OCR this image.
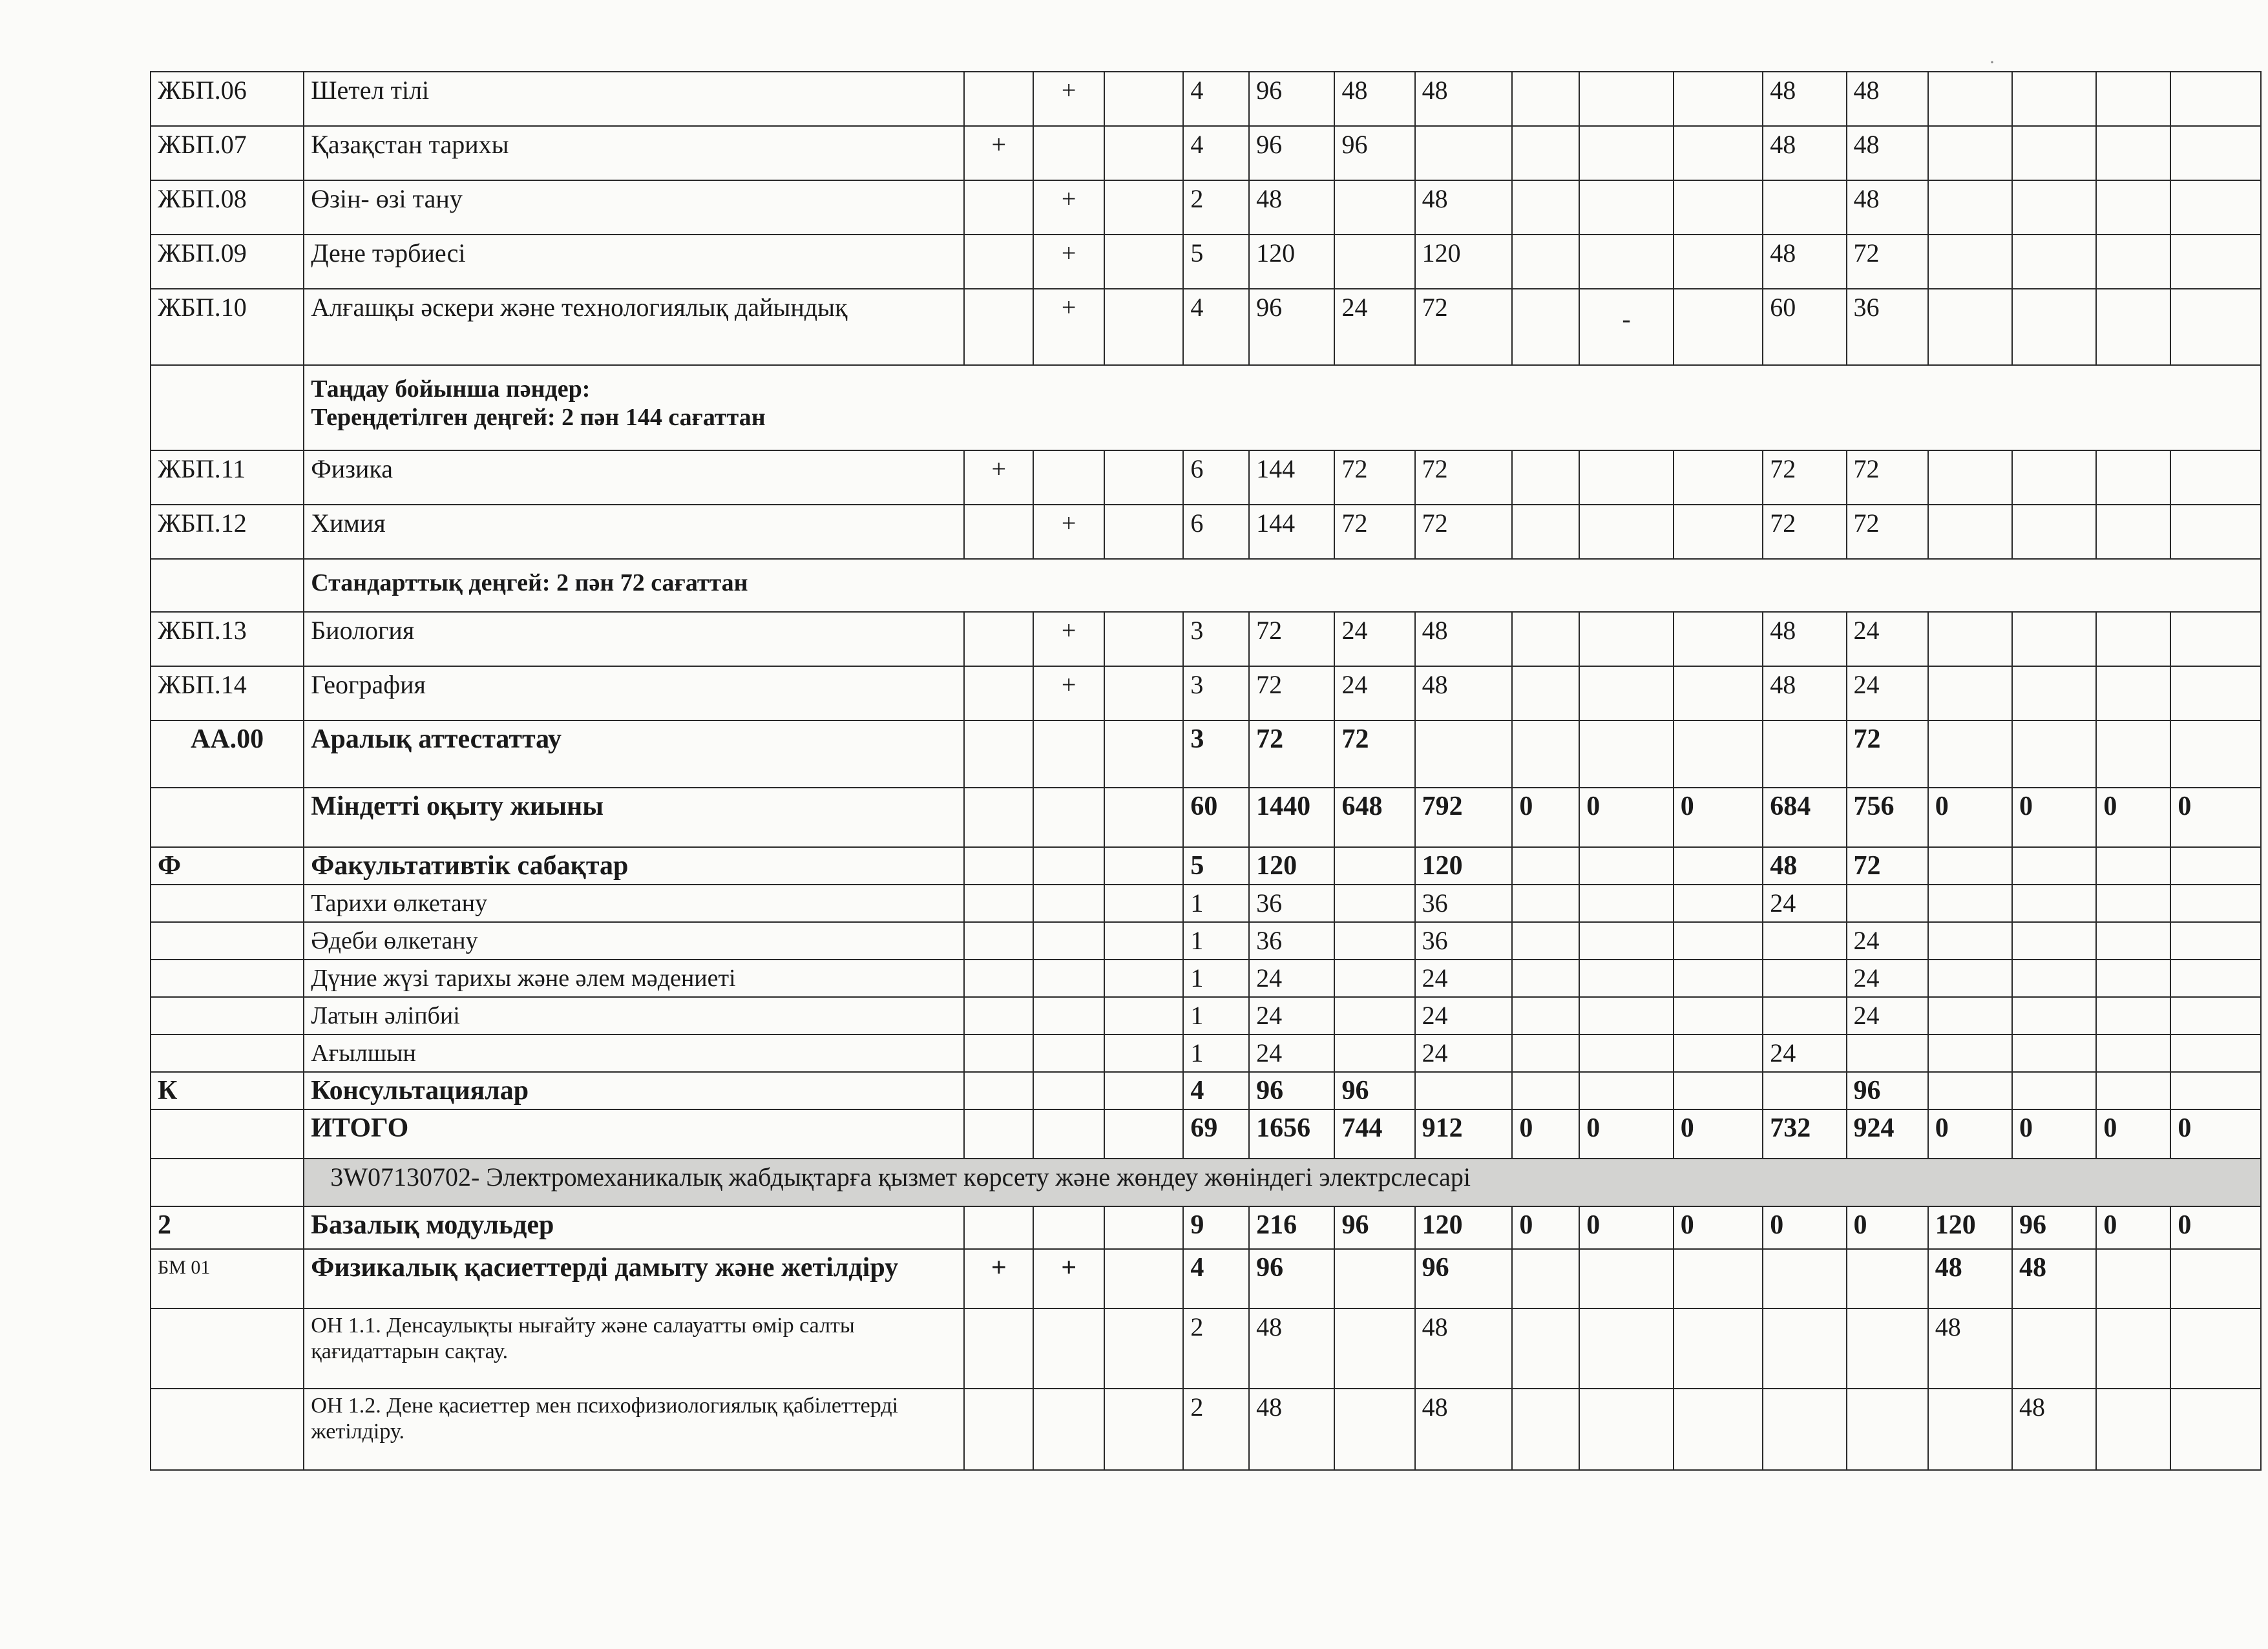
ЖБП.06	Шетел тілі		+		4	96	48	48				48	48				
ЖБП.07	Қазақстан тарихы	+			4	96	96					48	48				
ЖБП.08	Өзін- өзі тану		+		2	48		48					48				
ЖБП.09	Дене тәрбиесі		+		5	120		120				48	72				
ЖБП.10	Алғашқы әскери және технологиялық дайындық		+		4	96	24	72		-		60	36				
	Таңдау бойынша пәндер:
Тереңдетілген деңгей: 2 пән 144 сағаттан																
ЖБП.11	Физика	+			6	144	72	72				72	72				
ЖБП.12	Химия		+		6	144	72	72				72	72				
	Стандарттық деңгей: 2 пән 72 сағаттан																
ЖБП.13	Биология		+		3	72	24	48				48	24				
ЖБП.14	География		+		3	72	24	48				48	24				
АА.00	Аралық аттестаттау				3	72	72						72				
	Міндетті оқыту жиыны				60	1440	648	792	0	0	0	684	756	0	0	0	0
Ф	Факультативтік сабақтар				5	120		120				48	72				
	Тарихи өлкетану				1	36		36				24					
	Әдеби өлкетану				1	36		36					24				
	Дүние жүзі тарихы және әлем мәдениеті				1	24		24					24				
	Латын әліпбиі				1	24		24					24				
	Ағылшын				1	24		24				24					
К	Консультациялар				4	96	96						96				
	ИТОГО				69	1656	744	912	0	0	0	732	924	0	0	0	0
	3W07130702- Электромеханикалық жабдықтарға қызмет көрсету және жөндеу жөніндегі электрслесарі																
2	Базалық модульдер				9	216	96	120	0	0	0	0	0	120	96	0	0
БМ 01	Физикалық қасиеттерді дамыту және жетілдіру	+	+		4	96		96						48	48		
	ОН 1.1. Денсаулықты нығайту және салауатты өмір салты қағидаттарын сақтау.				2	48		48						48			
	ОН 1.2. Дене қасиеттер мен психофизиологиялық қабілеттерді жетілдіру.				2	48		48							48		
·
